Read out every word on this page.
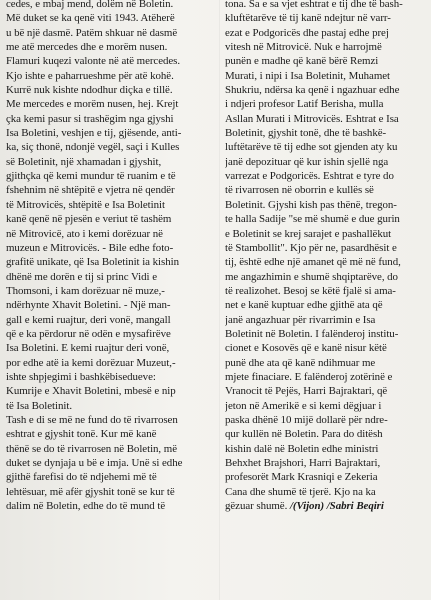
cedes, e mbaj mend, dolëm në Boletin.
Më duket se ka qenë viti 1943. Atëherë
u bë një dasmë. Patëm shkuar në dasmë
me atë mercedes dhe e morëm nusen.
Flamuri kuqezi valonte në atë mercedes.
Kjo ishte e paharrueshme për atë kohë.
Kurrë nuk kishte ndodhur diçka e tillë.
Me mercedes e morëm nusen, hej. Krejt
çka kemi pasur si trashëgim nga gjyshi
Isa Boletini, veshjen e tij, gjësende, anti-
ka, siç thonë, ndonjë vegël, saçi i Kulles
së Boletinit, një xhamadan i gjyshit,
gjithçka që kemi mundur të ruanim e të
fshehnim në shtëpitë e vjetra në qendër
të Mitrovicës, shtëpitë e Isa Boletinit
kanë qenë në pjesën e veriut të tashëm
në Mitrovicë, ato i kemi dorëzuar në
muzeun e Mitrovicës. - Bile edhe foto-
grafitë unikate, që Isa Boletinit ia kishin
dhënë me dorën e tij si princ Vidi e
Thomsoni, i kam dorëzuar në muze,-
ndërhynte Xhavit Boletini. - Një man-
gall e kemi ruajtur, deri vonë, mangall
që e ka përdorur në odën e mysafirëve
Isa Boletini. E kemi ruajtur deri vonë,
por edhe atë ia kemi dorëzuar Muzeut,-
ishte shpjegimi i bashkëbisedueve:
Kumrije e Xhavit Boletini, mbesë e nip
të Isa Boletinit.
Tash e di se më ne fund do të rivarrosen
eshtrat e gjyshit tonë. Kur më kanë
thënë se do të rivarrosen në Boletin, më
duket se dynjaja u bë e imja. Unë si edhe
gjithë farefisi do të ndjehemi më të
lehtësuar, më afër gjyshit tonë se kur të
dalim në Boletin, edhe do të mund të
tona. Sa e sa vjet eshtrat e tij dhe të bash-
kluftëtarëve të tij kanë ndejtur në varr-
ezat e Podgoricës dhe pastaj edhe prej
vitesh në Mitrovicë. Nuk e harrojmë
punën e madhe që kanë bërë Remzi
Murati, i nipi i Isa Boletinit, Muhamet
Shukriu, ndërsa ka qenë i ngazhuar edhe
i ndjeri profesor Latif Berisha, mulla
Asllan Murati i Mitrovicës. Eshtrat e Isa
Boletinit, gjyshit tonë, dhe të bashkë-
luftëtarëve të tij edhe sot gjenden aty ku
janë depozituar që kur ishin sjellë nga
varrezat e Podgoricës. Eshtrat e tyre do
të rivarrosen në oborrin e kullës së
Boletinit. Gjyshi kish pas thënë, tregon-
te halla Sadije "se më shumë e due gurin
e Boletinit se krej sarajet e pashallëkut
të Stambollit". Kjo për ne, pasardhësit e
tij, është edhe një amanet që më në fund,
me angazhimin e shumë shqiptarëve, do
të realizohet. Besoj se këtë fjalë si ama-
net e kanë kuptuar edhe gjithë ata që
janë angazhuar për rivarrimin e Isa
Boletinit në Boletin. I falënderoj institu-
cionet e Kosovës që e kanë nisur këtë
punë dhe ata që kanë ndihmuar me
mjete finaciare. E falënderoj zotërinë e
Vranocit të Pejës, Harri Bajraktari, që
jeton në Amerikë e si kemi dëgjuar i
paska dhënë 10 mijë dollarë për ndre-
qur kullën në Boletin. Para do ditësh
kishin dalë në Boletin edhe ministri
Behxhet Brajshori, Harri Bajraktari,
profesorët Mark Krasniqi e Zekeria
Cana dhe shumë të tjerë. Kjo na ka
gëzuar shumë. /(Vijon) /Sabri Beqiri
